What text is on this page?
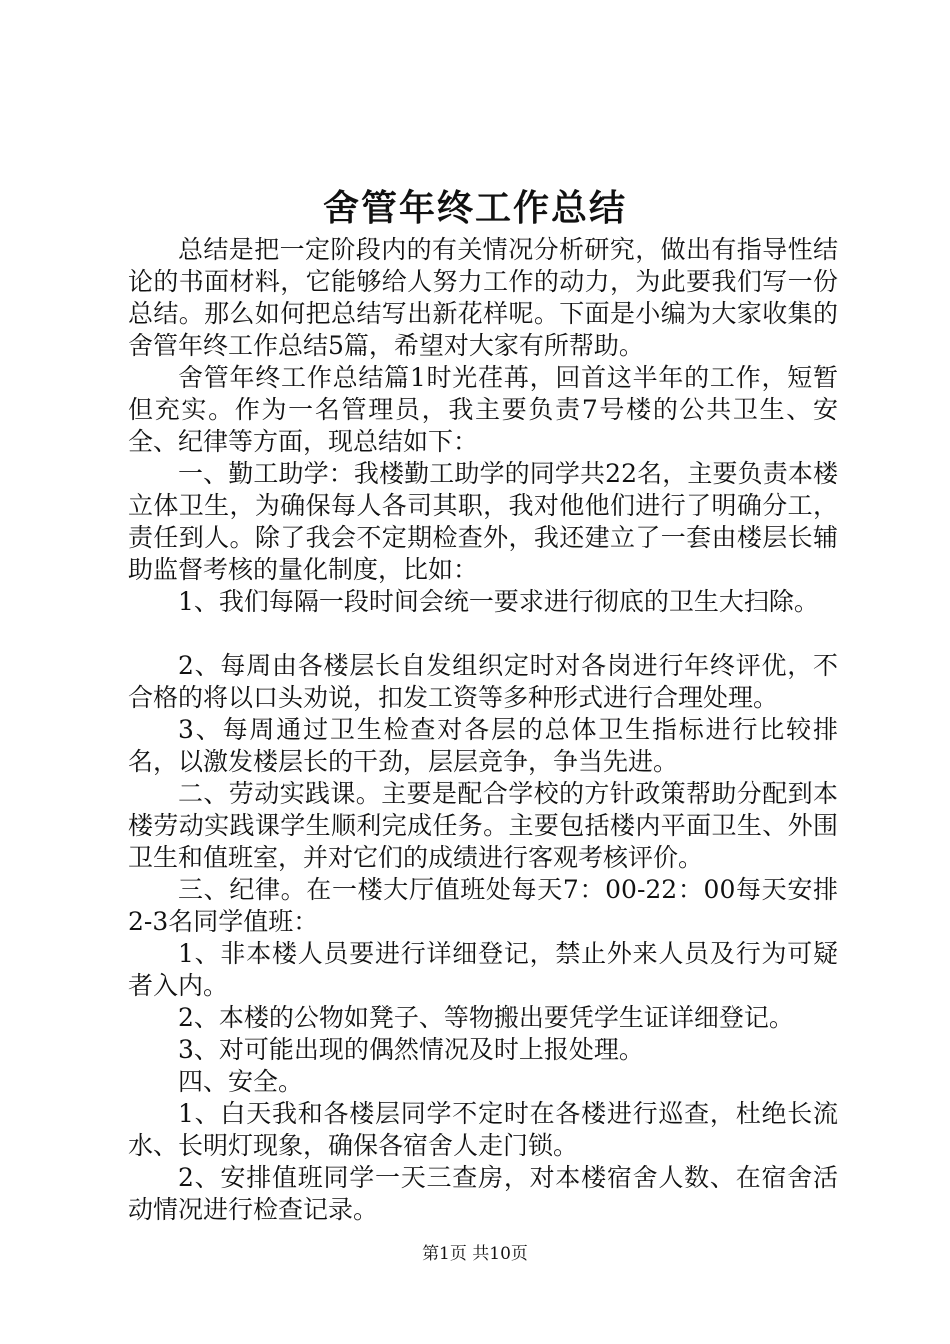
舍管年终工作总结

总结是把一定阶段内的有关情况分析研究，做出有指导性结论的书面材料，它能够给人努力工作的动力，为此要我们写一份总结。那么如何把总结写出新花样呢。下面是小编为大家收集的舍管年终工作总结5篇，希望对大家有所帮助。

舍管年终工作总结篇1时光荏苒，回首这半年的工作，短暂但充实。作为一名管理员，我主要负责7号楼的公共卫生、安全、纪律等方面，现总结如下：

一、勤工助学：我楼勤工助学的同学共22名，主要负责本楼立体卫生，为确保每人各司其职，我对他他们进行了明确分工，责任到人。除了我会不定期检查外，我还建立了一套由楼层长辅助监督考核的量化制度，比如：

1、我们每隔一段时间会统一要求进行彻底的卫生大扫除。

2、每周由各楼层长自发组织定时对各岗进行年终评优，不合格的将以口头劝说，扣发工资等多种形式进行合理处理。

3、每周通过卫生检查对各层的总体卫生指标进行比较排名，以激发楼层长的干劲，层层竞争，争当先进。

二、劳动实践课。主要是配合学校的方针政策帮助分配到本楼劳动实践课学生顺利完成任务。主要包括楼内平面卫生、外围卫生和值班室，并对它们的成绩进行客观考核评价。

三、纪律。在一楼大厅值班处每天7：00-22：00每天安排2-3名同学值班：

1、非本楼人员要进行详细登记，禁止外来人员及行为可疑者入内。

2、本楼的公物如凳子、等物搬出要凭学生证详细登记。

3、对可能出现的偶然情况及时上报处理。

四、安全。

1、白天我和各楼层同学不定时在各楼进行巡查，杜绝长流水、长明灯现象，确保各宿舍人走门锁。

2、安排值班同学一天三查房，对本楼宿舍人数、在宿舍活动情况进行检查记录。

第1页 共10页
